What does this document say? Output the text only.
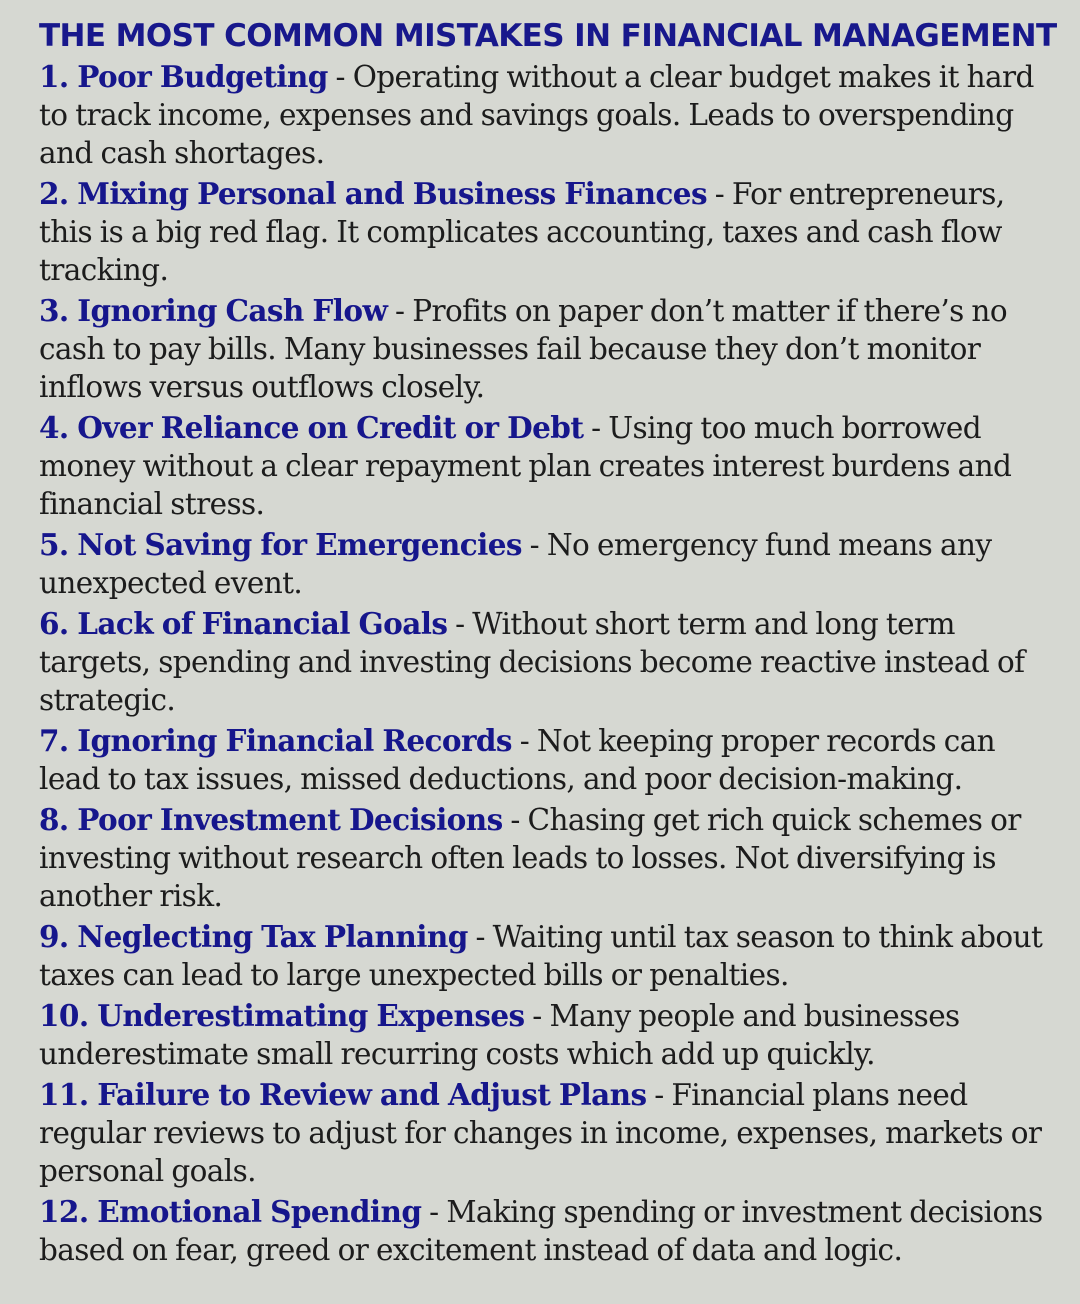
THE MOST COMMON MISTAKES IN FINANCIAL MANAGEMENT
1. Poor Budgeting - Operating without a clear budget makes it hard to track income, expenses and savings goals. Leads to overspending and cash shortages.
2. Mixing Personal and Business Finances - For entrepreneurs, this is a big red flag. It complicates accounting, taxes and cash flow tracking.
3. Ignoring Cash Flow - Profits on paper don’t matter if there’s no cash to pay bills. Many businesses fail because they don’t monitor inflows versus outflows closely.
4. Over Reliance on Credit or Debt - Using too much borrowed money without a clear repayment plan creates interest burdens and financial stress.
5. Not Saving for Emergencies - No emergency fund means any unexpected event.
6. Lack of Financial Goals - Without short term and long term targets, spending and investing decisions become reactive instead of strategic.
7. Ignoring Financial Records - Not keeping proper records can lead to tax issues, missed deductions, and poor decision-making.
8. Poor Investment Decisions - Chasing get rich quick schemes or investing without research often leads to losses. Not diversifying is another risk.
9. Neglecting Tax Planning - Waiting until tax season to think about taxes can lead to large unexpected bills or penalties.
10. Underestimating Expenses - Many people and businesses underestimate small recurring costs which add up quickly.
11. Failure to Review and Adjust Plans - Financial plans need regular reviews to adjust for changes in income, expenses, markets or personal goals.
12. Emotional Spending - Making spending or investment decisions based on fear, greed or excitement instead of data and logic.
